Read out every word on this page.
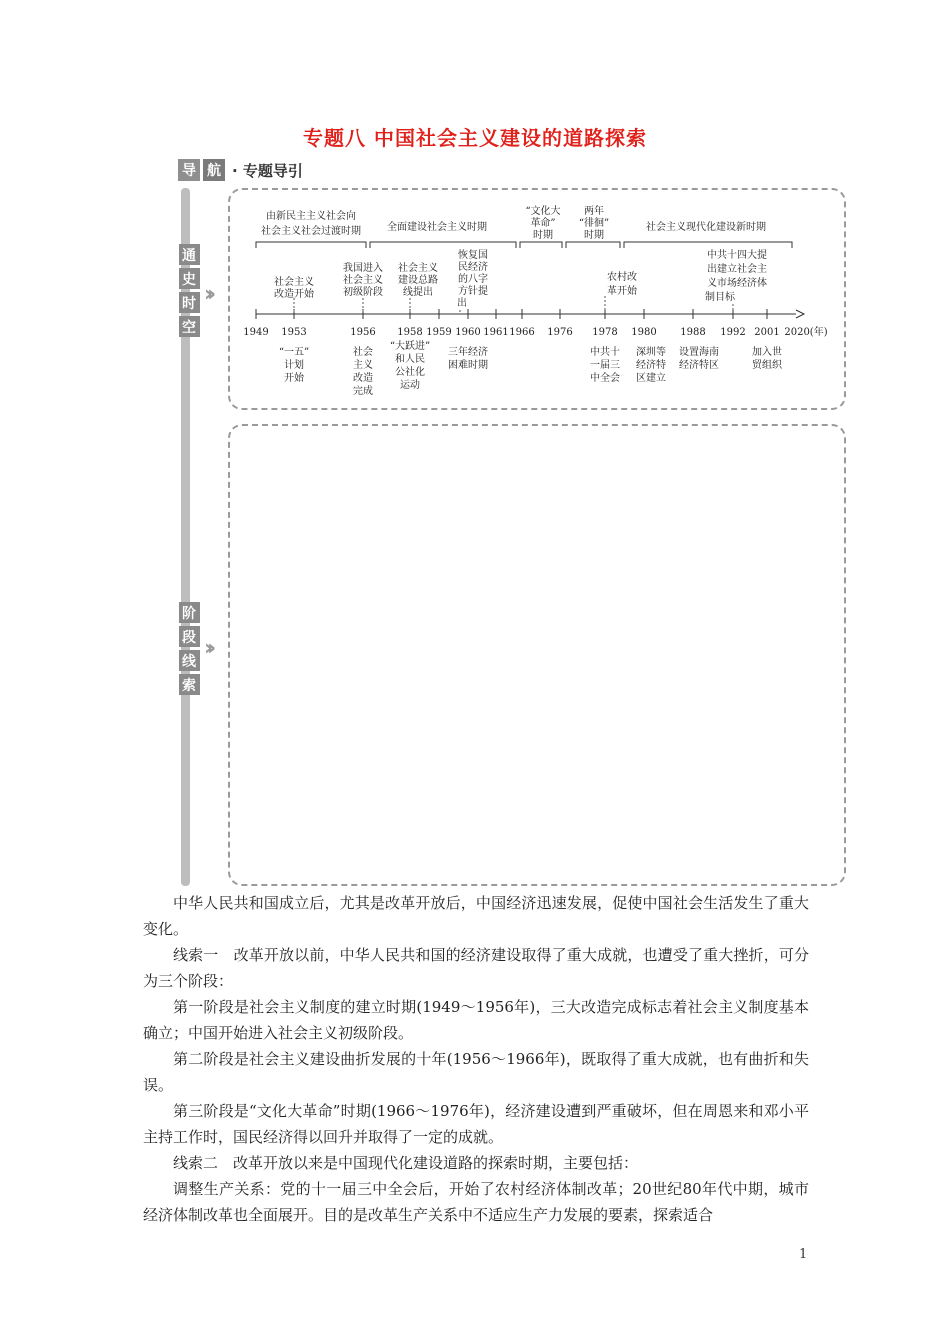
专题八 中国社会主义建设的道路探索
导 航 · 专题导引
通
史
时
空
››
阶
段
线
索
››
由新民主主义社会向
社会主义社会过渡时期	全面建设社会主义时期
“文化大
革命”
时期
两年
“徘徊”
时期
社会主义现代化建设新时期
1949 1953	1956 1958 1959 1960 1961 1966 1976 1978 1980 1988 1992 2001 2020(年)
社会主义
改造开始
我国进入
社会主义
初级阶段
社会主义
建设总路
线提出
恢复国
民经济
的八字
方针提
出
农村改
革开始
中共十四大提
出建立社会主
义市场经济体
制目标
“一五”
计划
开始
社会
主义
改造
完成
“大跃进”
和人民
公社化
运动
三年经济
困难时期
中共十
一届三
中全会
深圳等
经济特
区建立
设置海南
经济特区
加入世
贸组织

中华人民共和国成立后，尤其是改革开放后，中国经济迅速发展，促使中国社会生活发生了重大变化。

线索一　改革开放以前，中华人民共和国的经济建设取得了重大成就，也遭受了重大挫折，可分为三个阶段：

第一阶段是社会主义制度的建立时期(1949～1956年)，三大改造完成标志着社会主义制度基本确立；中国开始进入社会主义初级阶段。

第二阶段是社会主义建设曲折发展的十年(1956～1966年)，既取得了重大成就，也有曲折和失误。

第三阶段是“文化大革命”时期(1966～1976年)，经济建设遭到严重破坏，但在周恩来和邓小平主持工作时，国民经济得以回升并取得了一定的成就。

线索二　改革开放以来是中国现代化建设道路的探索时期，主要包括：

调整生产关系：党的十一届三中全会后，开始了农村经济体制改革；20世纪80年代中期，城市经济体制改革也全面展开。目的是改革生产关系中不适应生产力发展的要素，探索适合

1
